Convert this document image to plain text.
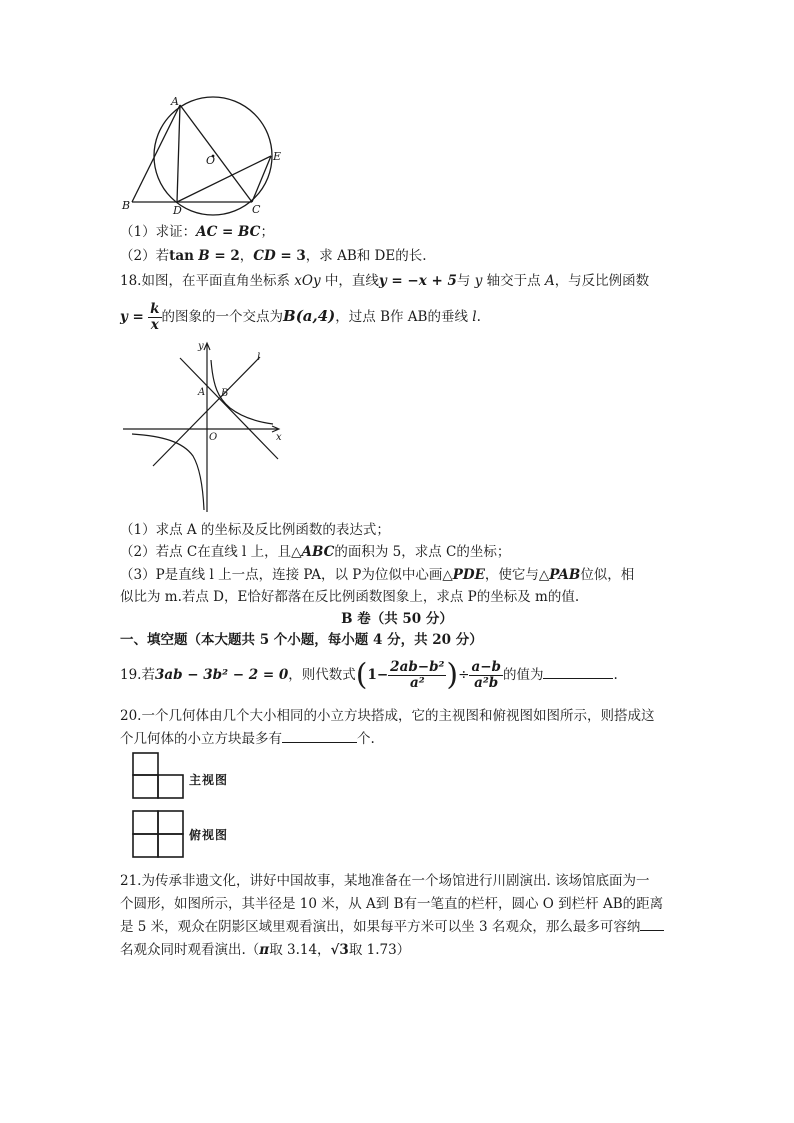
A
O	E
B	D	C
（1）求证：AC = BC；
（2）若tan B = 2，CD = 3，求 AB和 DE的长.
18.如图，在平面直角坐标系 xOy 中，直线y = −x + 5与 y 轴交于点 A，与反比例函数
$y = \frac{k}{x}$ 的图象的一个交点为B(a,4)，过点 B作 AB的垂线 l.
y
l
A B
O	x
（1）求点 A 的坐标及反比例函数的表达式；
（2）若点 C在直线 l 上，且△ABC的面积为 5，求点 C的坐标；
（3）P是直线 l 上一点，连接 PA，以 P为位似中心画△PDE，使它与△PAB位似，相
似比为 m.若点 D，E恰好都落在反比例函数图象上，求点 P的坐标及 m的值.
B 卷（共 50 分）
一、填空题（本大题共 5 个小题，每小题 4 分，共 20 分）
19.若3ab − 3b² − 2 = 0，则代数式($1- \frac{\text{2ab−b²}}{\text{a²}}$ )÷ $\frac{a-b}{\text{a²b}}$ 的值为	.
20.一个几何体由几个大小相同的小立方块搭成，它的主视图和俯视图如图所示，则搭成这
个几何体的小立方块最多有	个.
主视图
俯视图
21.为传承非遗文化，讲好中国故事，某地准备在一个场馆进行川剧演出. 该场馆底面为一
个圆形，如图所示，其半径是 10 米，从 A到 B有一笔直的栏杆，圆心 O 到栏杆 AB的距离
是 5 米，观众在阴影区域里观看演出，如果每平方米可以坐 3 名观众，那么最多可容纳
名观众同时观看演出.（π取 3.14，√3取 1.73）
